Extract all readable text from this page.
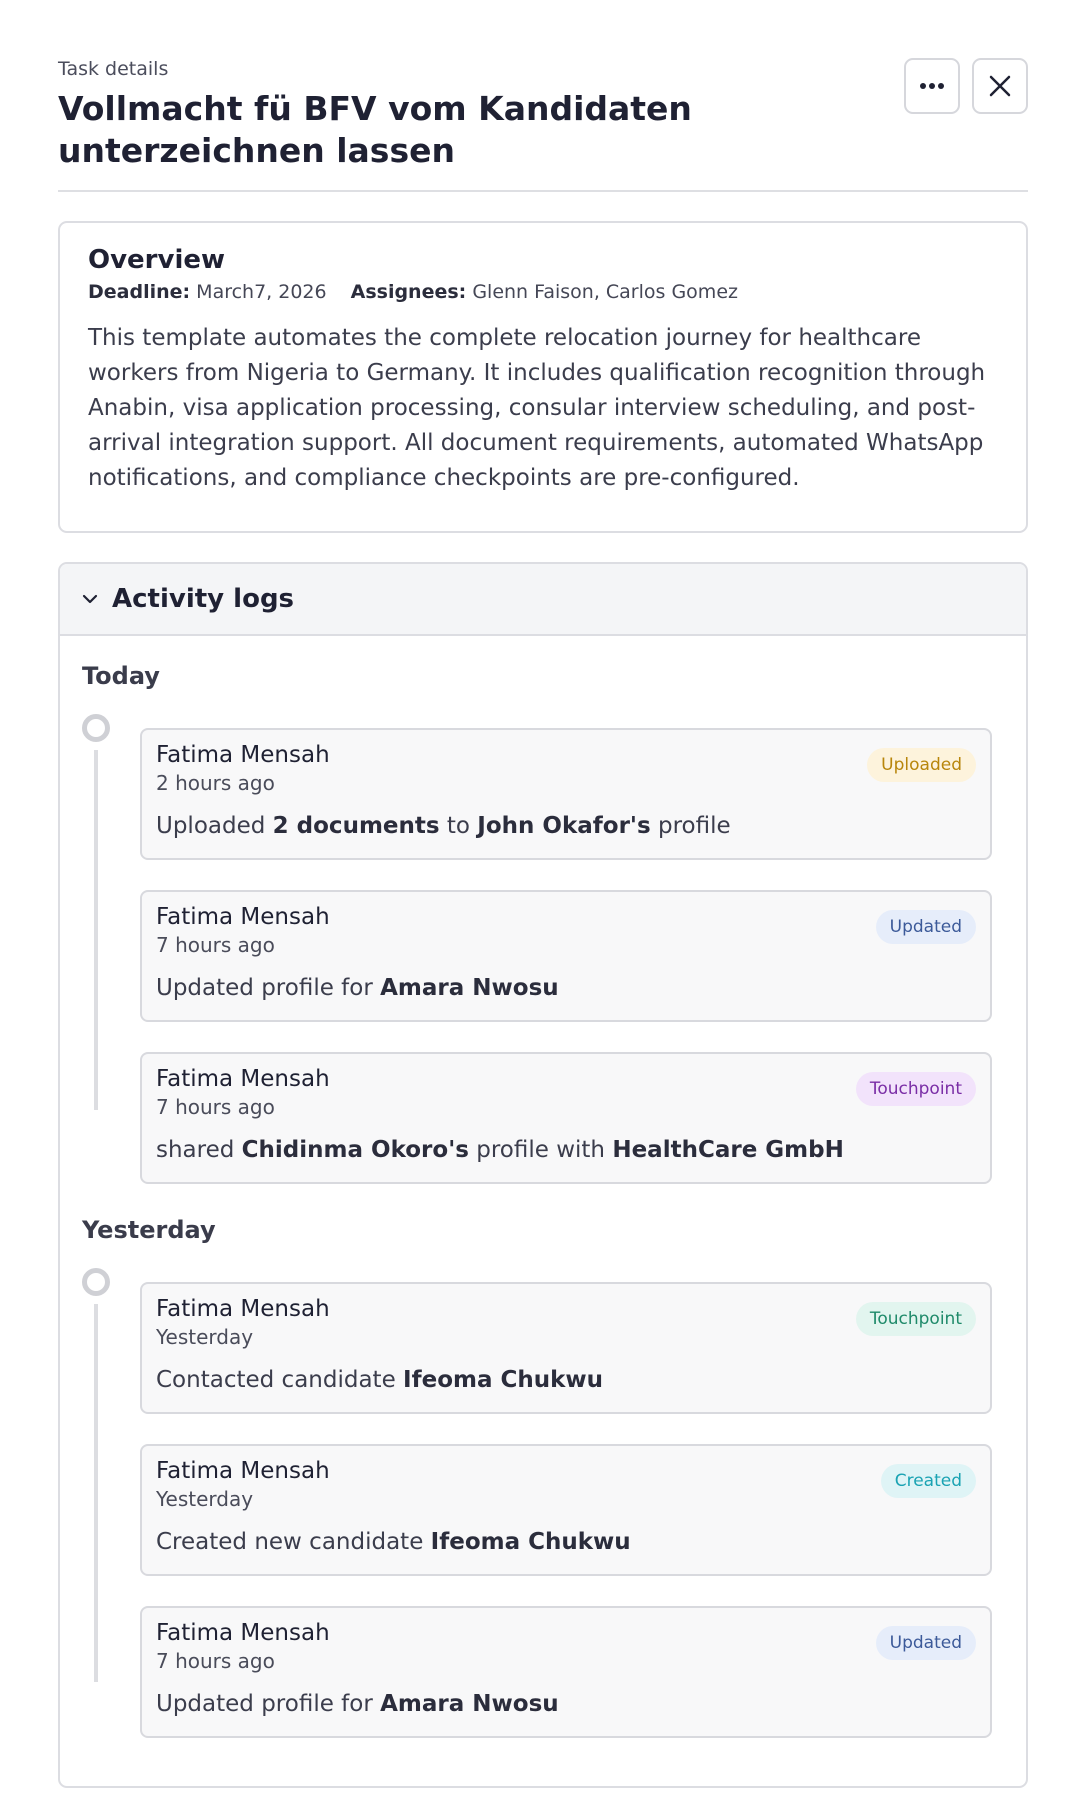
Task details
Vollmacht fü BFV vom Kandidaten unterzeichnen lassen
Overview
Deadline: March7, 2026 Assignees: Glenn Faison, Carlos Gomez
This template automates the complete relocation journey for healthcare workers from Nigeria to Germany. It includes qualification recognition through Anabin, visa application processing, consular interview scheduling, and post-arrival integration support. All document requirements, automated WhatsApp notifications, and compliance checkpoints are pre-configured.
Activity logs
Today
Fatima Mensah
2 hours ago
Uploaded 2 documents to John Okafor's profile
Uploaded
Fatima Mensah
7 hours ago
Updated profile for Amara Nwosu
Updated
Fatima Mensah
7 hours ago
shared Chidinma Okoro's profile with HealthCare GmbH
Touchpoint
Yesterday
Fatima Mensah
Yesterday
Contacted candidate Ifeoma Chukwu
Touchpoint
Fatima Mensah
Yesterday
Created new candidate Ifeoma Chukwu
Created
Fatima Mensah
7 hours ago
Updated profile for Amara Nwosu
Updated
